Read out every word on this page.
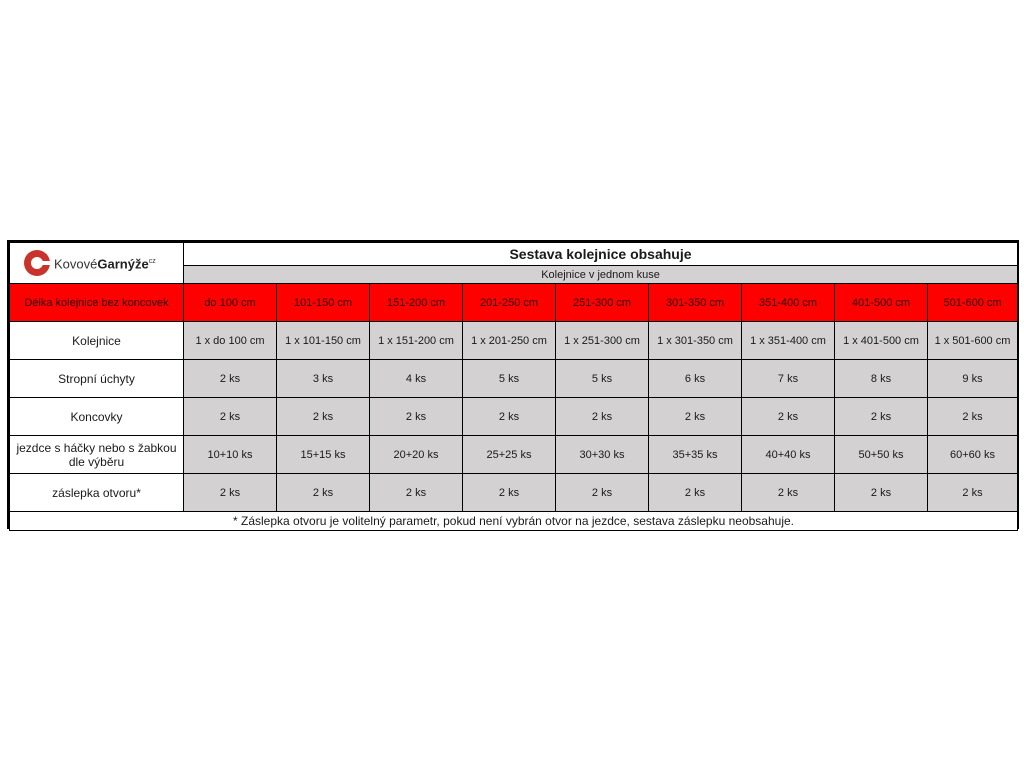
KovovéGarnýže$^{cz}$	Sestava kolejnice obsahuje								
	Kolejnice v jednom kuse								
Délka kolejnice bez koncovek	do 100 cm	101-150 cm	151-200 cm	201-250 cm	251-300 cm	301-350 cm	351-400 cm	401-500 cm	501-600 cm
Kolejnice	1 x do 100 cm	1 x 101-150 cm	1 x 151-200 cm	1 x 201-250 cm	1 x 251-300 cm	1 x 301-350 cm	1 x 351-400 cm	1 x 401-500 cm	1 x 501-600 cm
Stropní úchyty	2 ks	3 ks	4 ks	5 ks	5 ks	6 ks	7 ks	8 ks	9 ks
Koncovky	2 ks	2 ks	2 ks	2 ks	2 ks	2 ks	2 ks	2 ks	2 ks
jezdce s háčky nebo s žabkou dle výběru	10+10 ks	15+15 ks	20+20 ks	25+25 ks	30+30 ks	35+35 ks	40+40 ks	50+50 ks	60+60 ks
záslepka otvoru*	2 ks	2 ks	2 ks	2 ks	2 ks	2 ks	2 ks	2 ks	2 ks
* Záslepka otvoru je volitelný parametr, pokud není vybrán otvor na jezdce, sestava záslepku neobsahuje.									
